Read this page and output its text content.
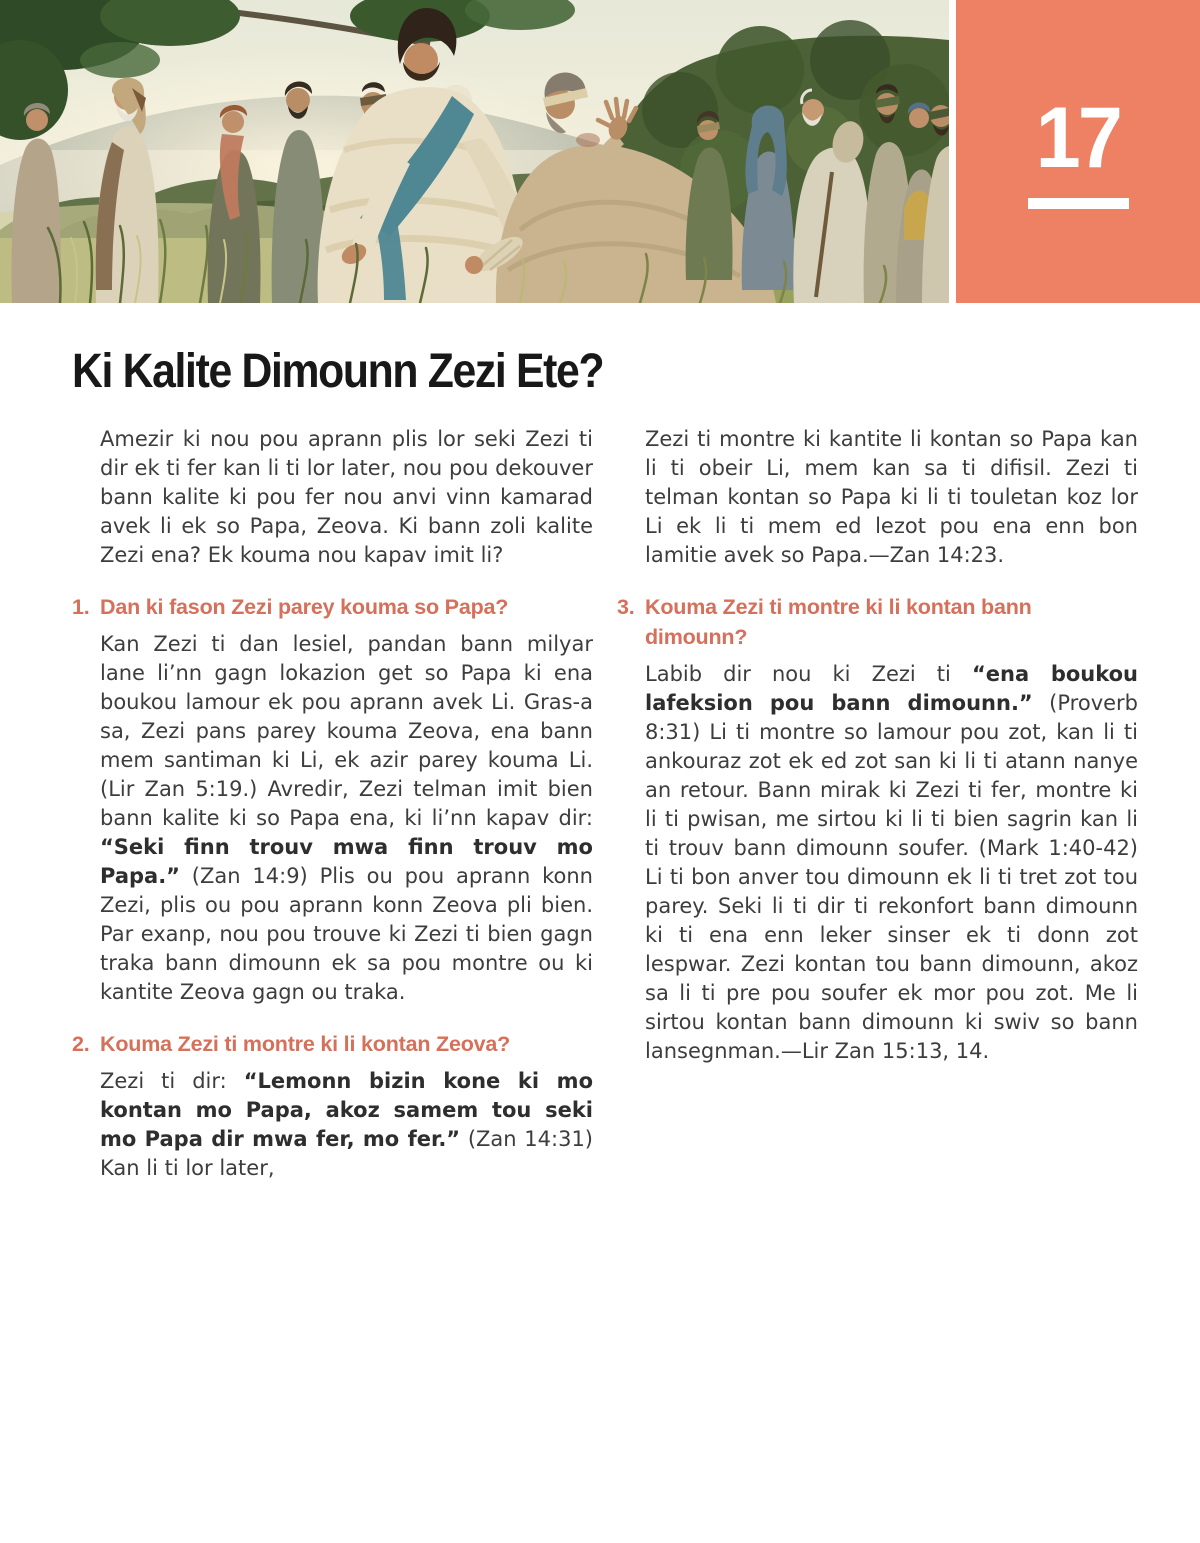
17
Ki Kalite Dimounn Zezi Ete?

Amezir ki nou pou aprann plis lor seki Zezi ti dir ek ti fer kan li ti lor later, nou pou dekouver bann kalite ki pou fer nou anvi vinn kamarad avek li ek so Papa, Zeova. Ki bann zoli kalite Zezi ena? Ek kouma nou kapav imit li?

1. Dan ki fason Zezi parey kouma so Papa?

Kan Zezi ti dan lesiel, pandan bann milyar lane li’nn gagn lokazion get so Papa ki ena boukou lamour ek pou aprann avek Li. Gras-a sa, Zezi pans parey kouma Zeova, ena bann mem santiman ki Li, ek azir parey kouma Li. (Lir Zan 5:19.) Avredir, Zezi telman imit bien bann kalite ki so Papa ena, ki li’nn kapav dir: “Seki finn trouv mwa finn trouv mo Papa.” (Zan 14:9) Plis ou pou aprann konn Zezi, plis ou pou aprann konn Zeova pli bien. Par exanp, nou pou trouve ki Zezi ti bien gagn traka bann dimounn ek sa pou montre ou ki kantite Zeova gagn ou traka.

2. Kouma Zezi ti montre ki li kontan Zeova?

Zezi ti dir: “Lemonn bizin kone ki mo kontan mo Papa, akoz samem tou seki mo Papa dir mwa fer, mo fer.” (Zan 14:31) Kan li ti lor later,

Zezi ti montre ki kantite li kontan so Papa kan li ti obeir Li, mem kan sa ti difisil. Zezi ti telman kontan so Papa ki li ti touletan koz lor Li ek li ti mem ed lezot pou ena enn bon lamitie avek so Papa.—Zan 14:23.

3. Kouma Zezi ti montre ki li kontan bann dimounn?

Labib dir nou ki Zezi ti “ena boukou lafeksion pou bann dimounn.” (Proverb 8:31) Li ti montre so lamour pou zot, kan li ti ankouraz zot ek ed zot san ki li ti atann nanye an retour. Bann mirak ki Zezi ti fer, montre ki li ti pwisan, me sirtou ki li ti bien sagrin kan li ti trouv bann dimounn soufer. (Mark 1:40-42) Li ti bon anver tou dimounn ek li ti tret zot tou parey. Seki li ti dir ti rekonfort bann dimounn ki ti ena enn leker sinser ek ti donn zot lespwar. Zezi kontan tou bann dimounn, akoz sa li ti pre pou soufer ek mor pou zot. Me li sirtou kontan bann dimounn ki swiv so bann lansegnman.—Lir Zan 15:13, 14.
